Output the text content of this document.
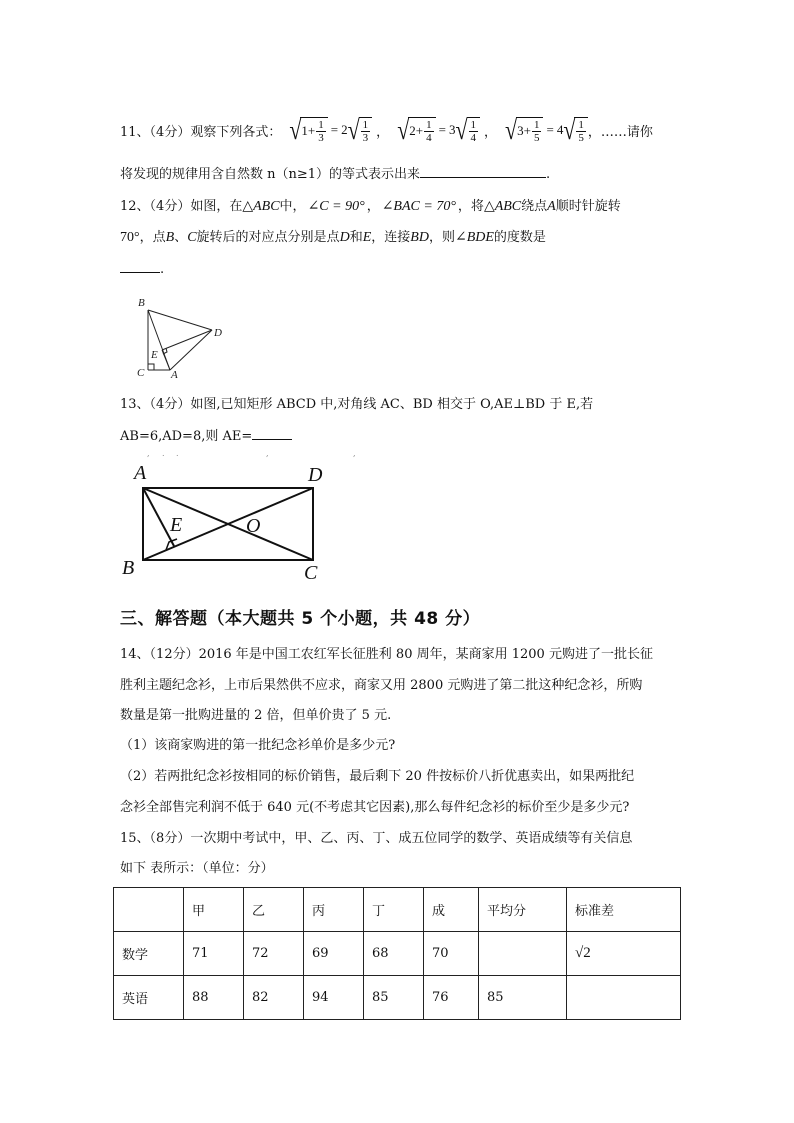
11、（4分）观察下列各式： √ $1 + \frac{1}{3} = 2$ √ $\frac{1}{3}$ ， √ $2 + \frac{1}{4} = 3$ √ $\frac{1}{4}$ ， √ $3 + \frac{1}{5} = 4$ √ $\frac{1}{5}$ ，……请你
将发现的规律用含自然数 n（n≥1）的等式表示出来	.
12、（4分）如图，在△ABC中， ∠C = 90° ， ∠BAC = 70° ，将△ABC绕点A顺时针旋转
70°，点B、C旋转后的对应点分别是点D和E，连接BD，则∠BDE的度数是
.
B
D
E
C A
13、（4分）如图,已知矩形 ABCD 中,对角线 AC、BD 相交于 O,AE⊥BD 于 E,若
AB=6,AD=8,则 AE=
, . .	,	,
A	D
E	O
B	C
三、解答题（本大题共 5 个小题，共 48 分）
14、（12分）2016 年是中国工农红军长征胜利 80 周年，某商家用 1200 元购进了一批长征
胜利主题纪念衫，上市后果然供不应求，商家又用 2800 元购进了第二批这种纪念衫，所购
数量是第一批购进量的 2 倍，但单价贵了 5 元.
（1）该商家购进的第一批纪念衫单价是多少元?
（2）若两批纪念衫按相同的标价销售，最后剩下 20 件按标价八折优惠卖出，如果两批纪
念衫全部售完利润不低于 640 元(不考虑其它因素),那么每件纪念衫的标价至少是多少元?
15、（8分）一次期中考试中，甲、乙、丙、丁、成五位同学的数学、英语成绩等有关信息
如下 表所示：（单位：分）
	甲	乙	丙	丁	成	平均分	标准差
数学	71	72	69	68	70		√2
英语	88	82	94	85	76	85	
